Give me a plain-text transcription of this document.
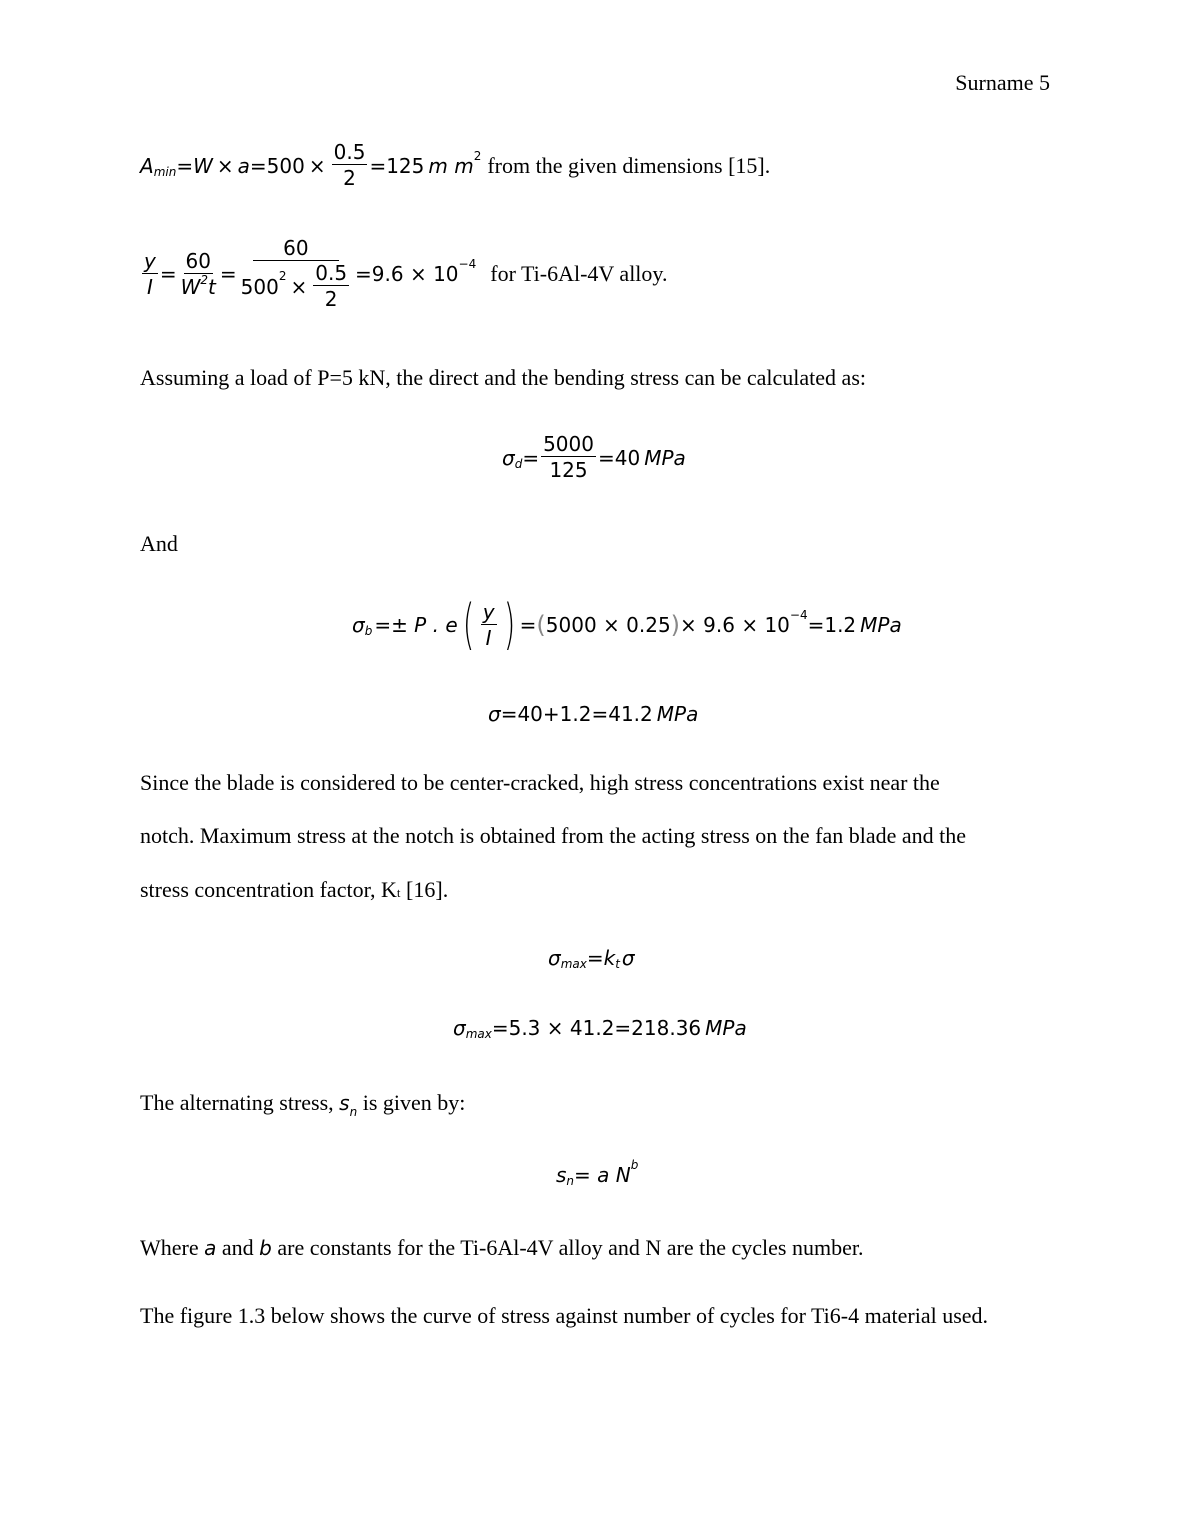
Surname 5
A $\min = W \times a = 500 \times \frac{0.5}{2} = 125$ m m 2 from the given dimensions [15].
$\frac{y}{I} = \frac{60}{W^2t} = \frac{60}{500 2 \times \frac{0.5}{2}} =9.6 \times 10 -4$ for Ti-6Al-4V alloy.
Assuming a load of P=5 kN, the direct and the bending stress can be calculated as:
σ $d = \frac{5000}{125} =40$ MPa
And
σ b =± P . e ( $\frac{y}{I}$ ) = ( 5000 × 0.25 ) × 9.6 × 10 −4 =1.2 MPa
σ =40+1.2=41.2 MPa
Since the blade is considered to be center-cracked, high stress concentrations exist near the
notch. Maximum stress at the notch is obtained from the acting stress on the fan blade and the
stress concentration factor, Kt [16].
σ max = k t σ
σ max =5.3 × 41.2=218.36 MPa
The alternating stress, $s_n$ is given by:
s n = a N b
Where a and b are constants for the Ti-6Al-4V alloy and N are the cycles number.
The figure 1.3 below shows the curve of stress against number of cycles for Ti6-4 material used.
